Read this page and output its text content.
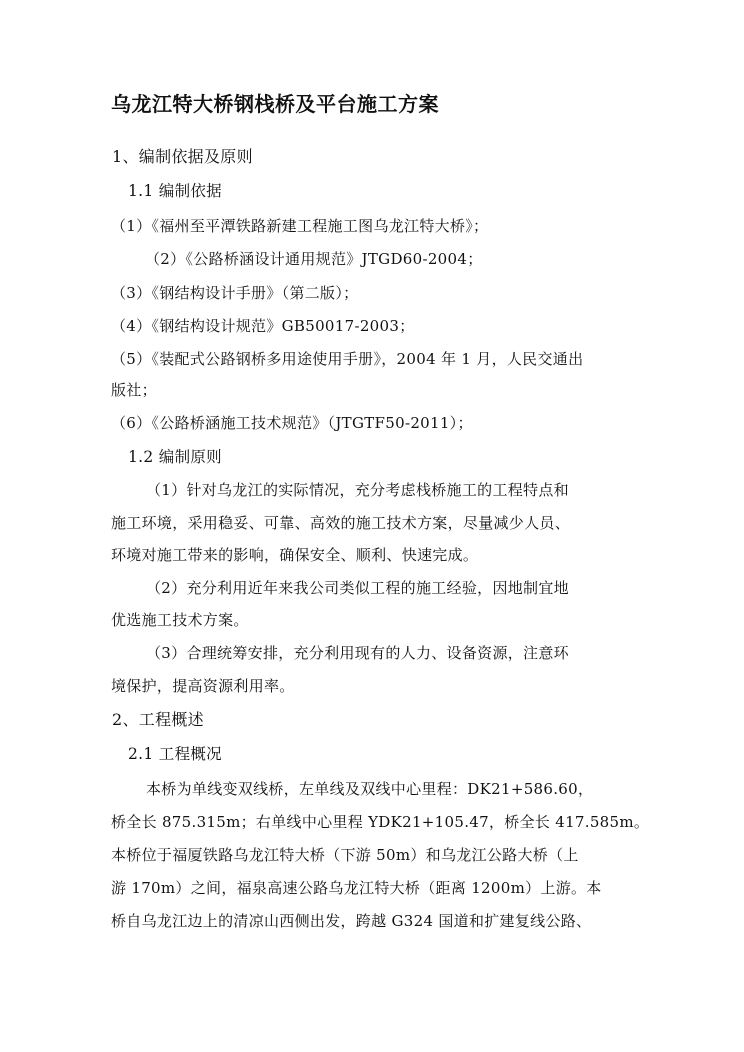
乌龙江特大桥钢栈桥及平台施工方案
1、编制依据及原则
1.1 编制依据
（1）《福州至平潭铁路新建工程施工图乌龙江特大桥》；
（2）《公路桥涵设计通用规范》JTGD60-2004；
（3）《钢结构设计手册》（第二版）；
（4）《钢结构设计规范》GB50017-2003；
（5）《装配式公路钢桥多用途使用手册》，2004 年 1 月，人民交通出
版社；
（6）《公路桥涵施工技术规范》（JTGTF50-2011）；
1.2 编制原则
（1）针对乌龙江的实际情况，充分考虑栈桥施工的工程特点和
施工环境，采用稳妥、可靠、高效的施工技术方案，尽量减少人员、
环境对施工带来的影响，确保安全、顺利、快速完成。
（2）充分利用近年来我公司类似工程的施工经验，因地制宜地
优选施工技术方案。
（3）合理统筹安排，充分利用现有的人力、设备资源，注意环
境保护，提高资源利用率。
2、工程概述
2.1 工程概况
本桥为单线变双线桥，左单线及双线中心里程：DK21+586.60，
桥全长 875.315m；右单线中心里程 YDK21+105.47，桥全长 417.585m。
本桥位于福厦铁路乌龙江特大桥（下游 50m）和乌龙江公路大桥（上
游 170m）之间，福泉高速公路乌龙江特大桥（距离 1200m）上游。本
桥自乌龙江边上的清凉山西侧出发，跨越 G324 国道和扩建复线公路、
